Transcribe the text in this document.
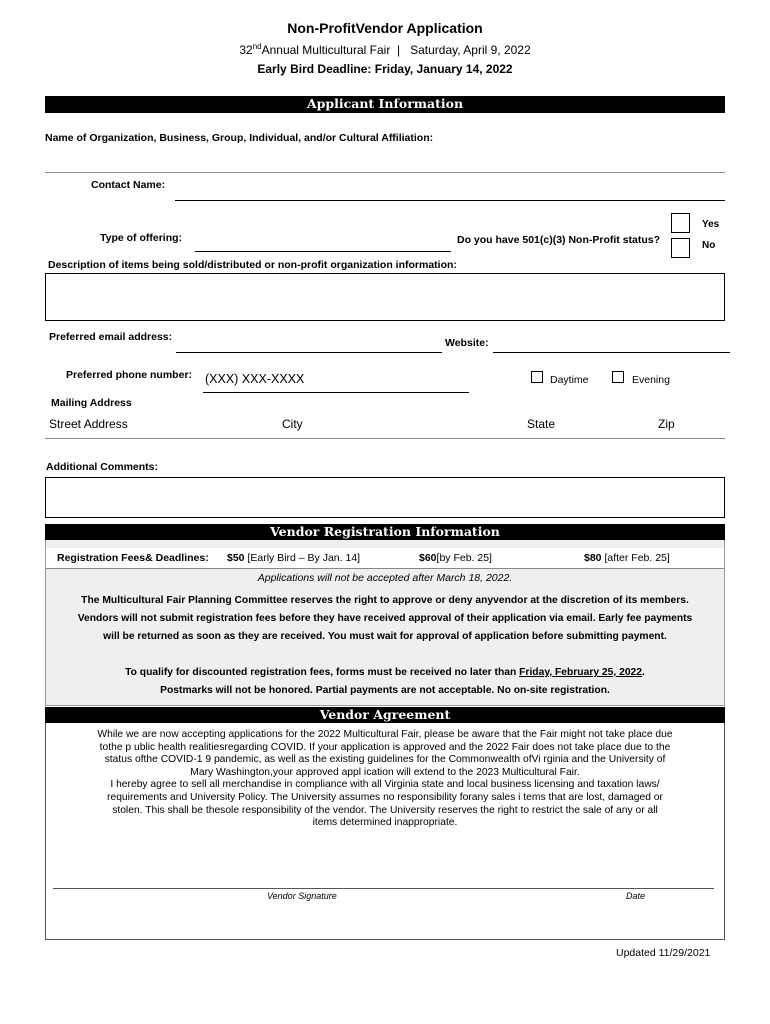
Non-ProfitVendor Application
32ndAnnual Multicultural Fair | Saturday, April 9, 2022
Early Bird Deadline: Friday, January 14, 2022
Applicant Information
Name of Organization, Business, Group, Individual, and/or Cultural Affiliation:
Contact Name:
Type of offering:	Do you have 501(c)(3) Non-Profit status?
Yes
No
Description of items being sold/distributed or non-profit organization information:
Preferred email address:	Website:
Preferred phone number: (XXX) XXX-XXXX	Daytime	Evening
Mailing Address
Street Address	City	State	Zip
Additional Comments:
Vendor Registration Information
Registration Fees& Deadlines: $50 [Early Bird – By Jan. 14]	$60[by Feb. 25]	$80 [after Feb. 25]
Applications will not be accepted after March 18, 2022.
The Multicultural Fair Planning Committee reserves the right to approve or deny anyvendor at the discretion of its members.
Vendors will not submit registration fees before they have received approval of their application via email. Early fee payments
will be returned as soon as they are received. You must wait for approval of application before submitting payment.
To qualify for discounted registration fees, forms must be received no later than Friday, February 25, 2022.
Postmarks will not be honored. Partial payments are not acceptable. No on-site registration.
Vendor Agreement
While we are now accepting applications for the 2022 Multicultural Fair, please be aware that the Fair might not take place due
tothe p ublic health realitiesregarding COVID. If your application is approved and the 2022 Fair does not take place due to the
status ofthe COVID-1 9 pandemic, as well as the existing guidelines for the Commonwealth ofVi rginia and the University of
Mary Washington,your approved appl ication will extend to the 2023 Multicultural Fair.
I hereby agree to sell all merchandise in compliance with all Virginia state and local business licensing and taxation laws/
requirements and University Policy. The University assumes no responsibility forany sales i tems that are lost, damaged or
stolen. This shall be thesole responsibility of the vendor. The University reserves the right to restrict the sale of any or all
items determined inappropriate.
Vendor Signature	Date
Updated 11/29/2021
